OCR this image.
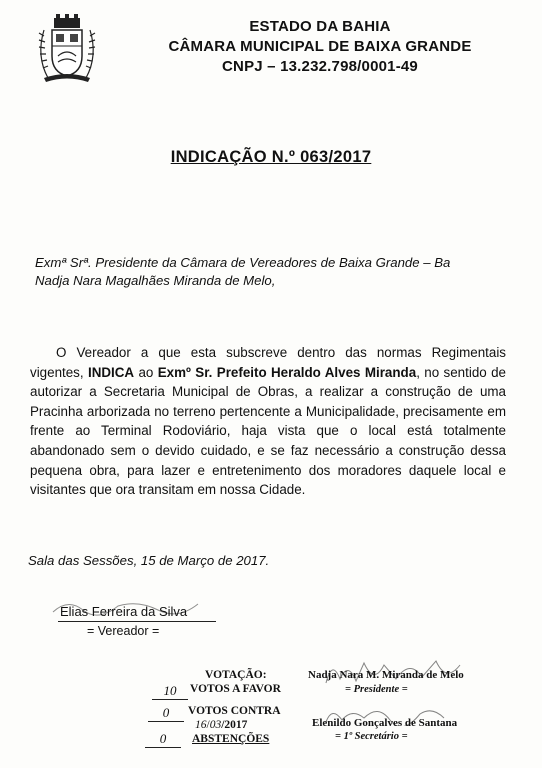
ESTADO DA BAHIA
CÂMARA MUNICIPAL DE BAIXA GRANDE
CNPJ – 13.232.798/0001-49
INDICAÇÃO N.º 063/2017
Exmª Srª. Presidente da Câmara de Vereadores de Baixa Grande – Ba
Nadja Nara Magalhães Miranda de Melo,
O Vereador a que esta subscreve dentro das normas Regimentais vigentes, INDICA ao Exmº Sr. Prefeito Heraldo Alves Miranda, no sentido de autorizar a Secretaria Municipal de Obras, a realizar a construção de uma Pracinha arborizada no terreno pertencente a Municipalidade, precisamente em frente ao Terminal Rodoviário, haja vista que o local está totalmente abandonado sem o devido cuidado, e se faz necessário a construção dessa pequena obra, para lazer e entretenimento dos moradores daquele local e visitantes que ora transitam em nossa Cidade.
Sala das Sessões, 15 de Março de 2017.
Elias Ferreira da Silva
= Vereador =
VOTAÇÃO:
10	VOTOS A FAVOR
0	VOTOS CONTRA
16/03/2017
0	ABSTENÇÕES
Nadja Nara M. Miranda de Melo
= Presidente =
Elenildo Gonçalves de Santana
= 1º Secretário =
